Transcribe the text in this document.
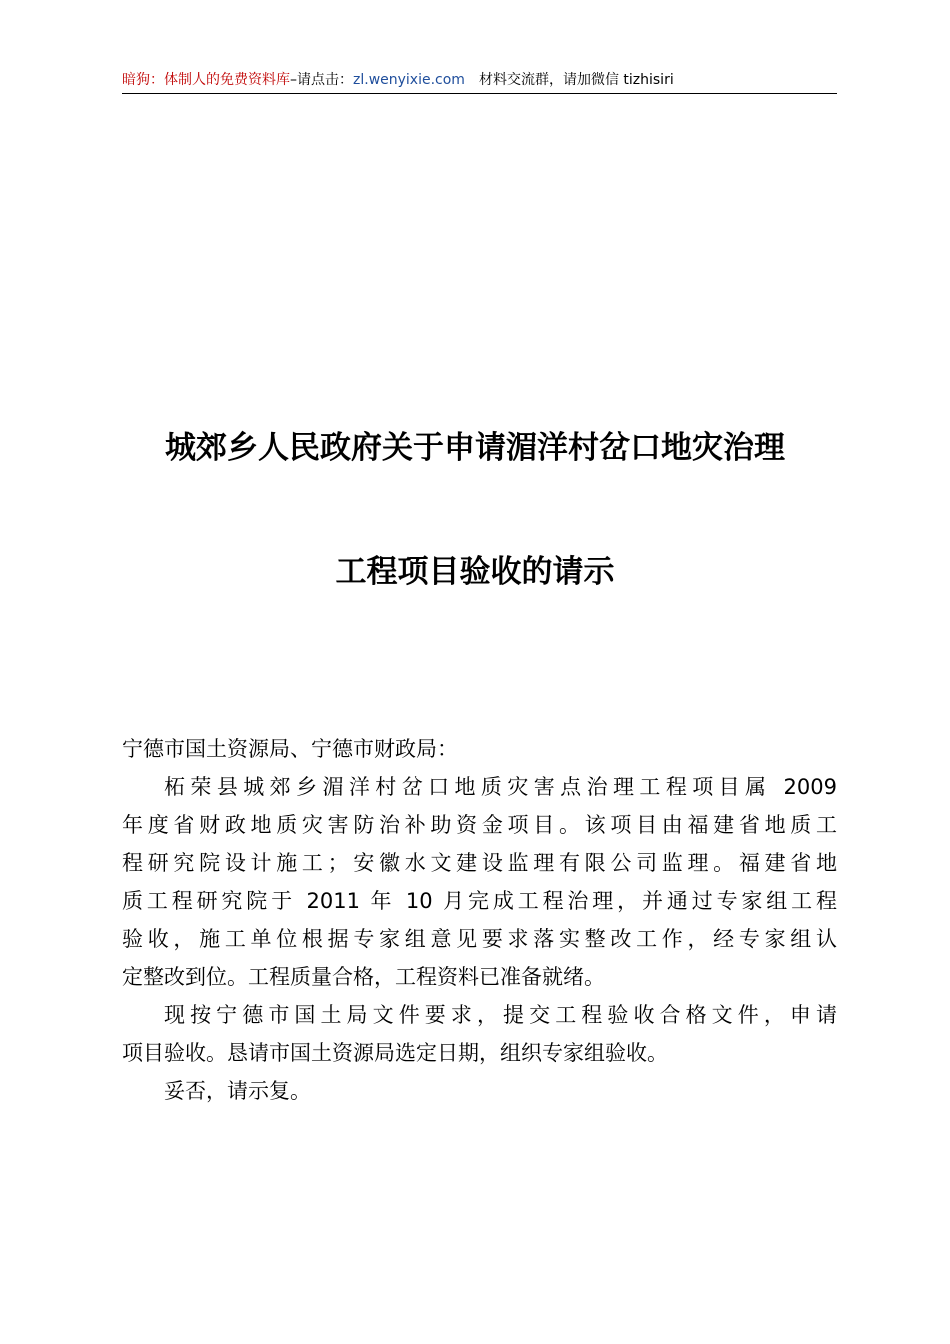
暗狗：体制人的免费资料库–请点击：zl.wenyixie.com 材料交流群，请加微信 tizhisiri
城郊乡人民政府关于申请湄洋村岔口地灾治理
工程项目验收的请示
宁德市国土资源局、宁德市财政局：
柘荣县城郊乡湄洋村岔口地质灾害点治理工程项目属 2009
年度省财政地质灾害防治补助资金项目。该项目由福建省地质工
程研究院设计施工；安徽水文建设监理有限公司监理。福建省地
质工程研究院于 2011 年 10 月完成工程治理，并通过专家组工程
验收，施工单位根据专家组意见要求落实整改工作，经专家组认
定整改到位。工程质量合格，工程资料已准备就绪。
现按宁德市国土局文件要求，提交工程验收合格文件，申请
项目验收。恳请市国土资源局选定日期，组织专家组验收。
妥否，请示复。
